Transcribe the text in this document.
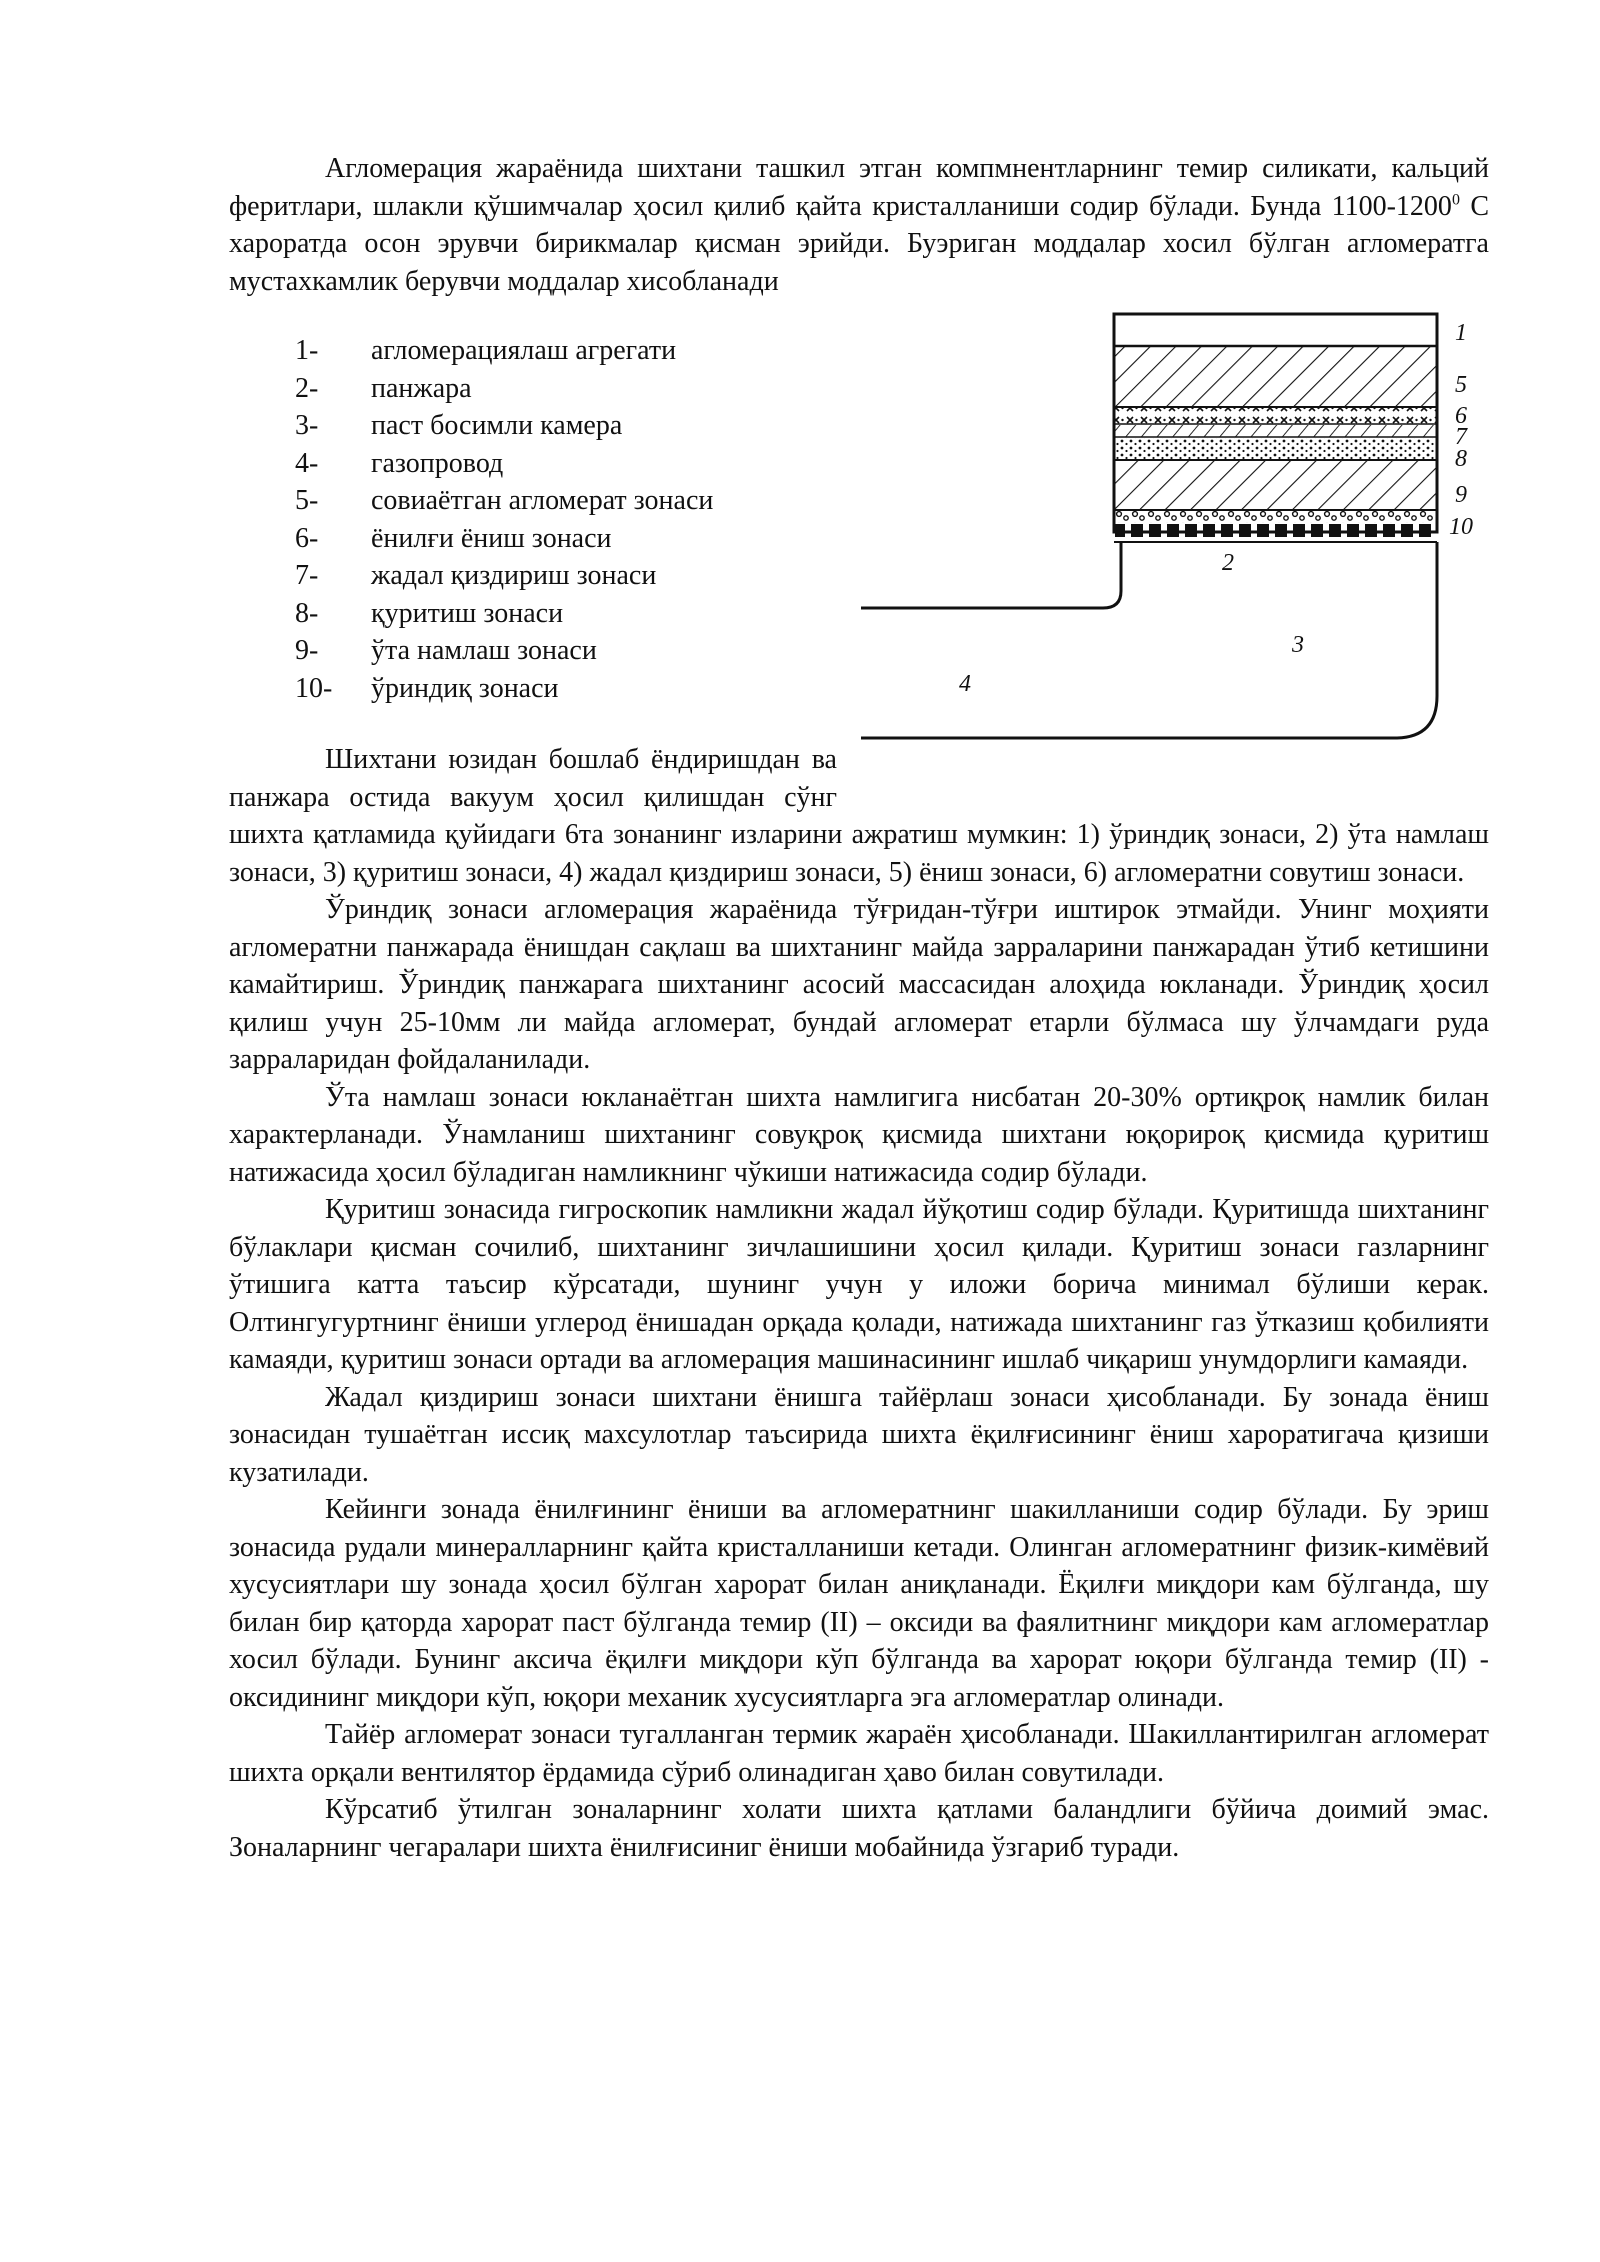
Агломерация жараёнида шихтани ташкил этган компмнентларнинг темир силикати, кальций феритлари, шлакли қўшимчалар ҳосил қилиб қайта кристалланиши содир бўлади. Бунда 1100-1200$^0$ С хароратда осон эрувчи бирикмалар қисман эрийди. Буэриган моддалар хосил бўлган агломератга мустахкамлик берувчи моддалар хисобланади

1
5
6
7
8
9
10
2
3
4
1-	агломерациялаш агрегати
2-	панжара
3-	паст босимли камера
4-	газопровод
5-	совиаётган агломерат зонаси
6-	ёнилғи ёниш зонаси
7-	жадал қиздириш зонаси
8-	қуритиш зонаси
9-	ўта намлаш зонаси
10-	ўриндиқ зонаси

Шихтани юзидан бошлаб ёндиришдан ва панжара остида вакуум ҳосил қилишдан сўнг шихта қатламида қуйидаги 6та зонанинг изларини ажратиш мумкин: 1) ўриндиқ зонаси, 2) ўта намлаш зонаси, 3) қуритиш зонаси, 4) жадал қиздириш зонаси, 5) ёниш зонаси, 6) агломератни совутиш зонаси.

Ўриндиқ зонаси агломерация жараёнида тўғридан-тўғри иштирок этмайди. Унинг моҳияти агломератни панжарада ёнишдан сақлаш ва шихтанинг майда зарраларини панжарадан ўтиб кетишини камайтириш. Ўриндиқ панжарага шихтанинг асосий массасидан алоҳида юкланади. Ўриндиқ ҳосил қилиш учун 25-10мм ли майда агломерат, бундай агломерат етарли бўлмаса шу ўлчамдаги руда зарраларидан фойдаланилади.

Ўта намлаш зонаси юкланаётган шихта намлигига нисбатан 20-30% ортиқроқ намлик билан характерланади. Ўнамланиш шихтанинг совуқроқ қисмида шихтани юқорироқ қисмида қуритиш натижасида ҳосил бўладиган намликнинг чўкиши натижасида содир бўлади.

Қуритиш зонасида гигроскопик намликни жадал йўқотиш содир бўлади. Қуритишда шихтанинг бўлаклари қисман сочилиб, шихтанинг зичлашишини ҳосил қилади. Қуритиш зонаси газларнинг ўтишига катта таъсир кўрсатади, шунинг учун у иложи борича минимал бўлиши керак. Олтингугуртнинг ёниши углерод ёнишадан орқада қолади, натижада шихтанинг газ ўтказиш қобилияти камаяди, қуритиш зонаси ортади ва агломерация машинасининг ишлаб чиқариш унумдорлиги камаяди.

Жадал қиздириш зонаси шихтани ёнишга тайёрлаш зонаси ҳисобланади. Бу зонада ёниш зонасидан тушаётган иссиқ махсулотлар таъсирида шихта ёқилғисининг ёниш хароратигача қизиши кузатилади.

Кейинги зонада ёнилғининг ёниши ва агломератнинг шакилланиши содир бўлади. Бу эриш зонасида рудали минералларнинг қайта кристалланиши кетади. Олинган агломератнинг физик-кимёвий хусусиятлари шу зонада ҳосил бўлган харорат билан аниқланади. Ёқилғи миқдори кам бўлганда, шу билан бир қаторда харорат паст бўлганда темир (II) – оксиди ва фаялитнинг миқдори кам агломератлар хосил бўлади. Бунинг аксича ёқилғи миқдори кўп бўлганда ва харорат юқори бўлганда темир (II) - оксидининг миқдори кўп, юқори механик хусусиятларга эга агломератлар олинади.

Тайёр агломерат зонаси тугалланган термик жараён ҳисобланади. Шакиллантирилган агломерат шихта орқали вентилятор ёрдамида сўриб олинадиган ҳаво билан совутилади.

Кўрсатиб ўтилган зоналарнинг холати шихта қатлами баландлиги бўйича доимий эмас. Зоналарнинг чегаралари шихта ёнилғисиниг ёниши мобайнида ўзгариб туради.
